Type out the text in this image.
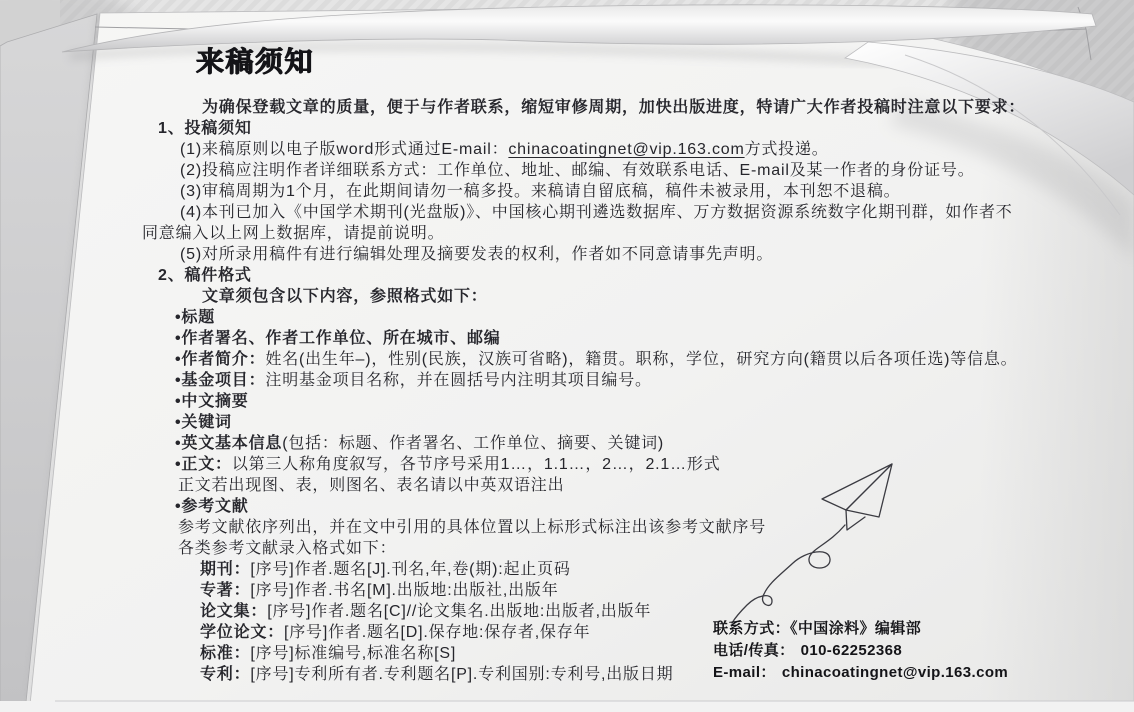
来稿须知
为确保登载文章的质量，便于与作者联系，缩短审修周期，加快出版进度，特请广大作者投稿时注意以下要求：
1、投稿须知
(1)来稿原则以电子版word形式通过E-mail：chinacoatingnet@vip.163.com方式投递。
(2)投稿应注明作者详细联系方式：工作单位、地址、邮编、有效联系电话、E-mail及某一作者的身份证号。
(3)审稿周期为1个月，在此期间请勿一稿多投。来稿请自留底稿，稿件未被录用，本刊恕不退稿。
(4)本刊已加入《中国学术期刊(光盘版)》、中国核心期刊遴选数据库、万方数据资源系统数字化期刊群，如作者不
同意编入以上网上数据库，请提前说明。
(5)对所录用稿件有进行编辑处理及摘要发表的权利，作者如不同意请事先声明。
2、稿件格式
文章须包含以下内容，参照格式如下：
•标题
•作者署名、作者工作单位、所在城市、邮编
•作者简介：姓名(出生年–)，性别(民族，汉族可省略)，籍贯。职称，学位，研究方向(籍贯以后各项任选)等信息。
•基金项目：注明基金项目名称，并在圆括号内注明其项目编号。
•中文摘要
•关键词
•英文基本信息(包括：标题、作者署名、工作单位、摘要、关键词)
•正文：以第三人称角度叙写，各节序号采用1…，1.1…，2…，2.1…形式
正文若出现图、表，则图名、表名请以中英双语注出
•参考文献
参考文献依序列出，并在文中引用的具体位置以上标形式标注出该参考文献序号
各类参考文献录入格式如下：
期刊：[序号]作者.题名[J].刊名,年,卷(期):起止页码
专著：[序号]作者.书名[M].出版地:出版社,出版年
论文集：[序号]作者.题名[C]//论文集名.出版地:出版者,出版年
学位论文：[序号]作者.题名[D].保存地:保存者,保存年
标准：[序号]标准编号,标准名称[S]
专利：[序号]专利所有者.专利题名[P].专利国别:专利号,出版日期
联系方式：《中国涂料》编辑部
电话/传真： 010-62252368
E-mail： chinacoatingnet@vip.163.com
